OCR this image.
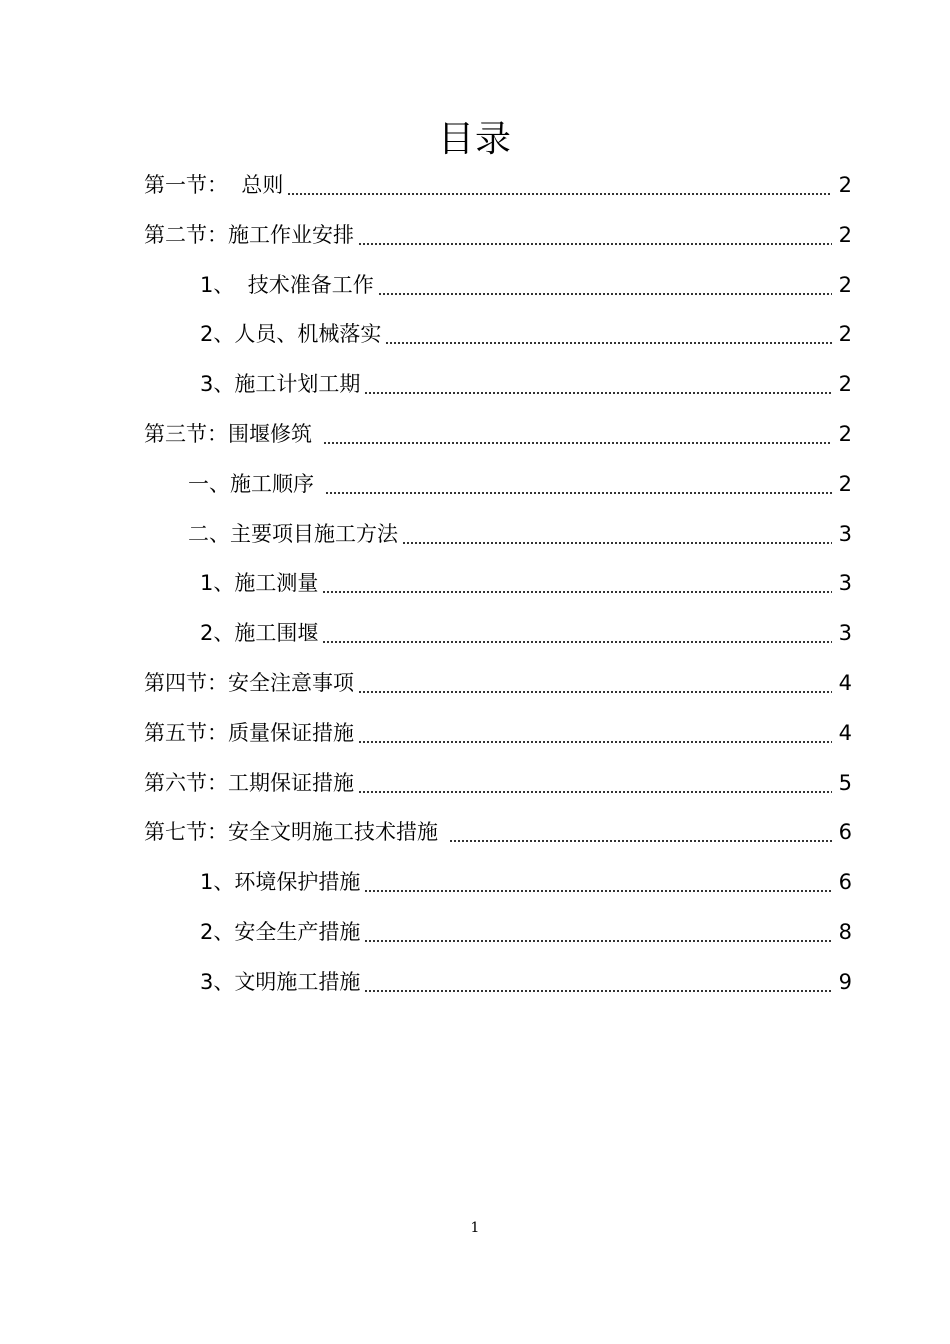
目录
第一节：  总则	2
第二节：施工作业安排	2
1、  技术准备工作	2
2、人员、机械落实	2
3、施工计划工期	2
第三节：围堰修筑	2
一、施工顺序	2
二、主要项目施工方法	3
1、施工测量	3
2、施工围堰	3
第四节：安全注意事项	4
第五节：质量保证措施	4
第六节：工期保证措施	5
第七节：安全文明施工技术措施	6
1、环境保护措施	6
2、安全生产措施	8
3、文明施工措施	9
1
